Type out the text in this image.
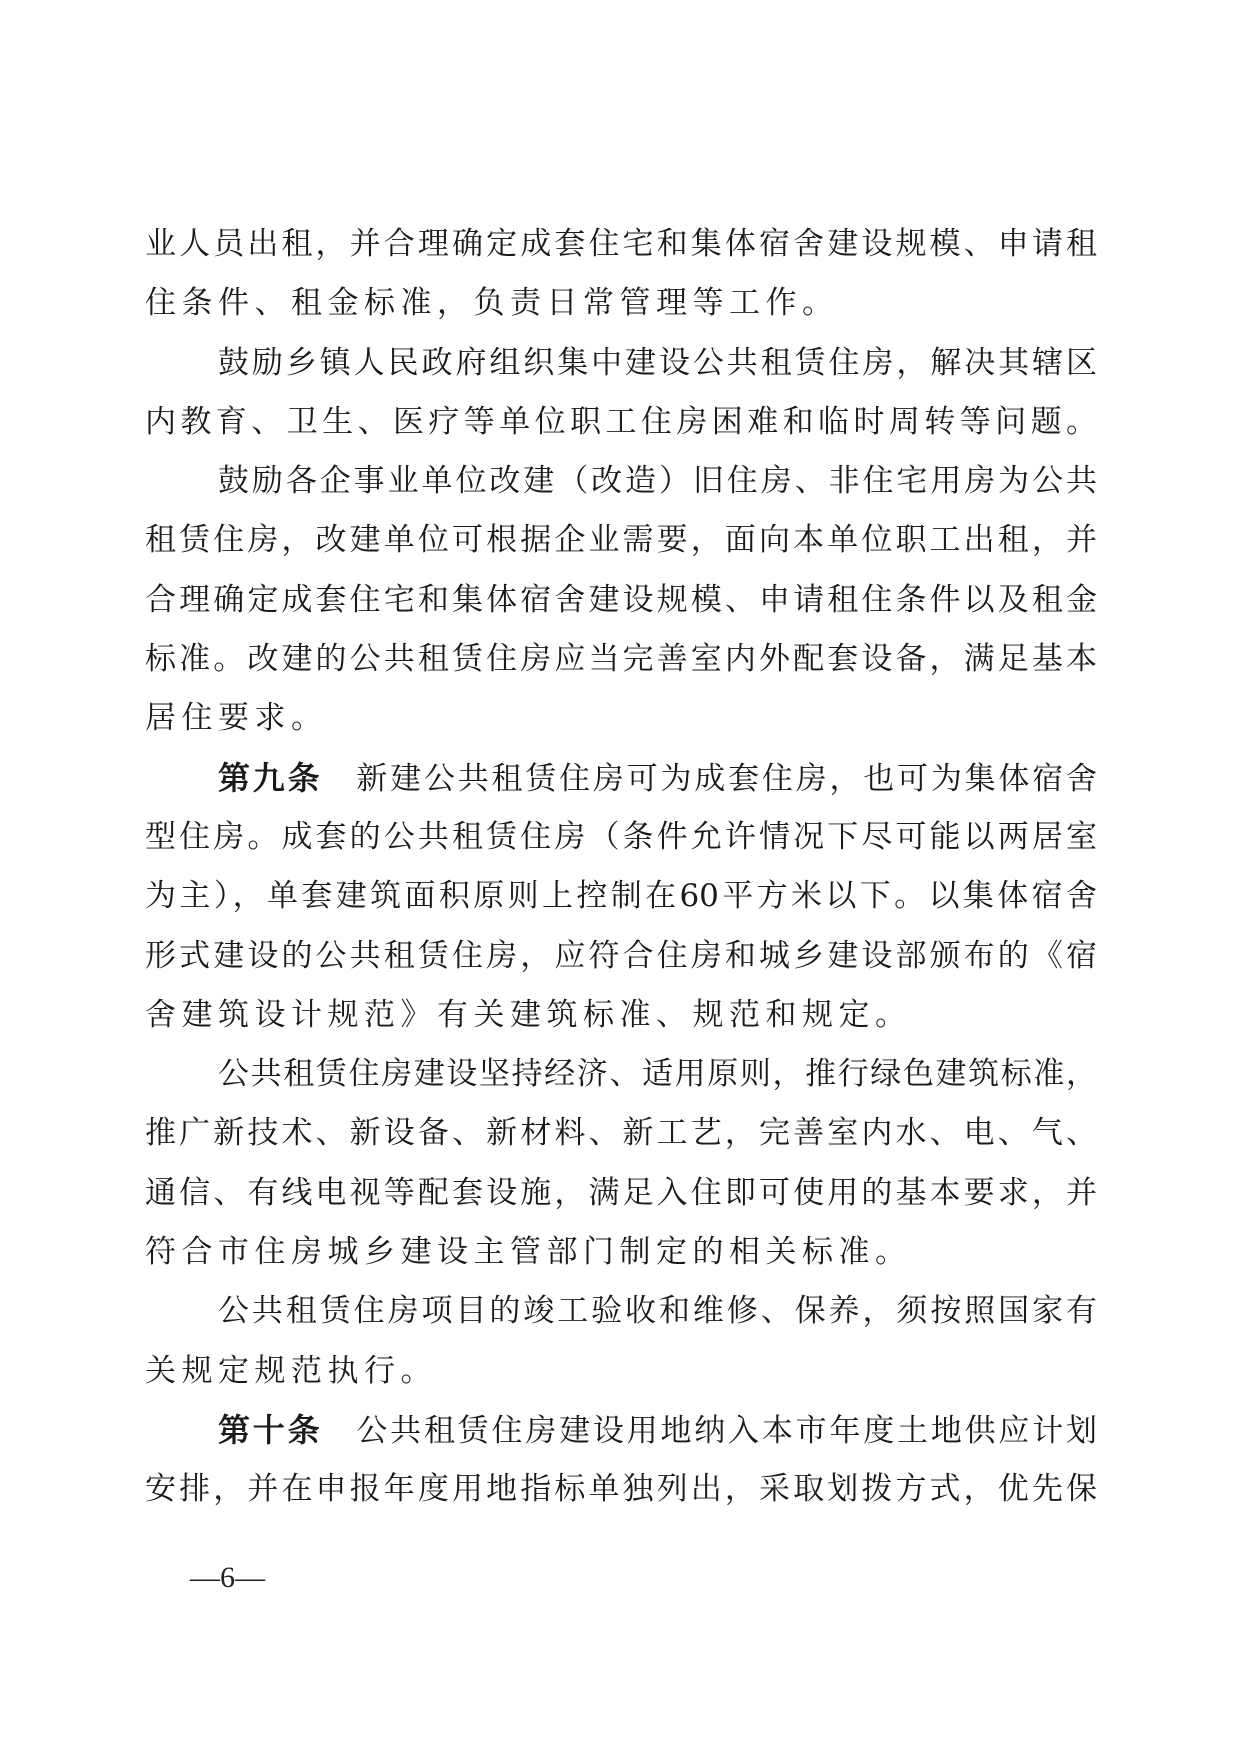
业人员出租，并合理确定成套住宅和集体宿舍建设规模、申请租
住条件、租金标准，负责日常管理等工作。
鼓励乡镇人民政府组织集中建设公共租赁住房，解决其辖区
内教育、卫生、医疗等单位职工住房困难和临时周转等问题。
鼓励各企事业单位改建（改造）旧住房、非住宅用房为公共
租赁住房，改建单位可根据企业需要，面向本单位职工出租，并
合理确定成套住宅和集体宿舍建设规模、申请租住条件以及租金
标准。改建的公共租赁住房应当完善室内外配套设备，满足基本
居住要求。
第九条 新建公共租赁住房可为成套住房，也可为集体宿舍
型住房。成套的公共租赁住房（条件允许情况下尽可能以两居室
为主），单套建筑面积原则上控制在60平方米以下。以集体宿舍
形式建设的公共租赁住房，应符合住房和城乡建设部颁布的《宿
舍建筑设计规范》有关建筑标准、规范和规定。
公共租赁住房建设坚持经济、适用原则，推行绿色建筑标准，
推广新技术、新设备、新材料、新工艺，完善室内水、电、气、
通信、有线电视等配套设施，满足入住即可使用的基本要求，并
符合市住房城乡建设主管部门制定的相关标准。
公共租赁住房项目的竣工验收和维修、保养，须按照国家有
关规定规范执行。
第十条 公共租赁住房建设用地纳入本市年度土地供应计划
安排，并在申报年度用地指标单独列出，采取划拨方式，优先保
—6—
